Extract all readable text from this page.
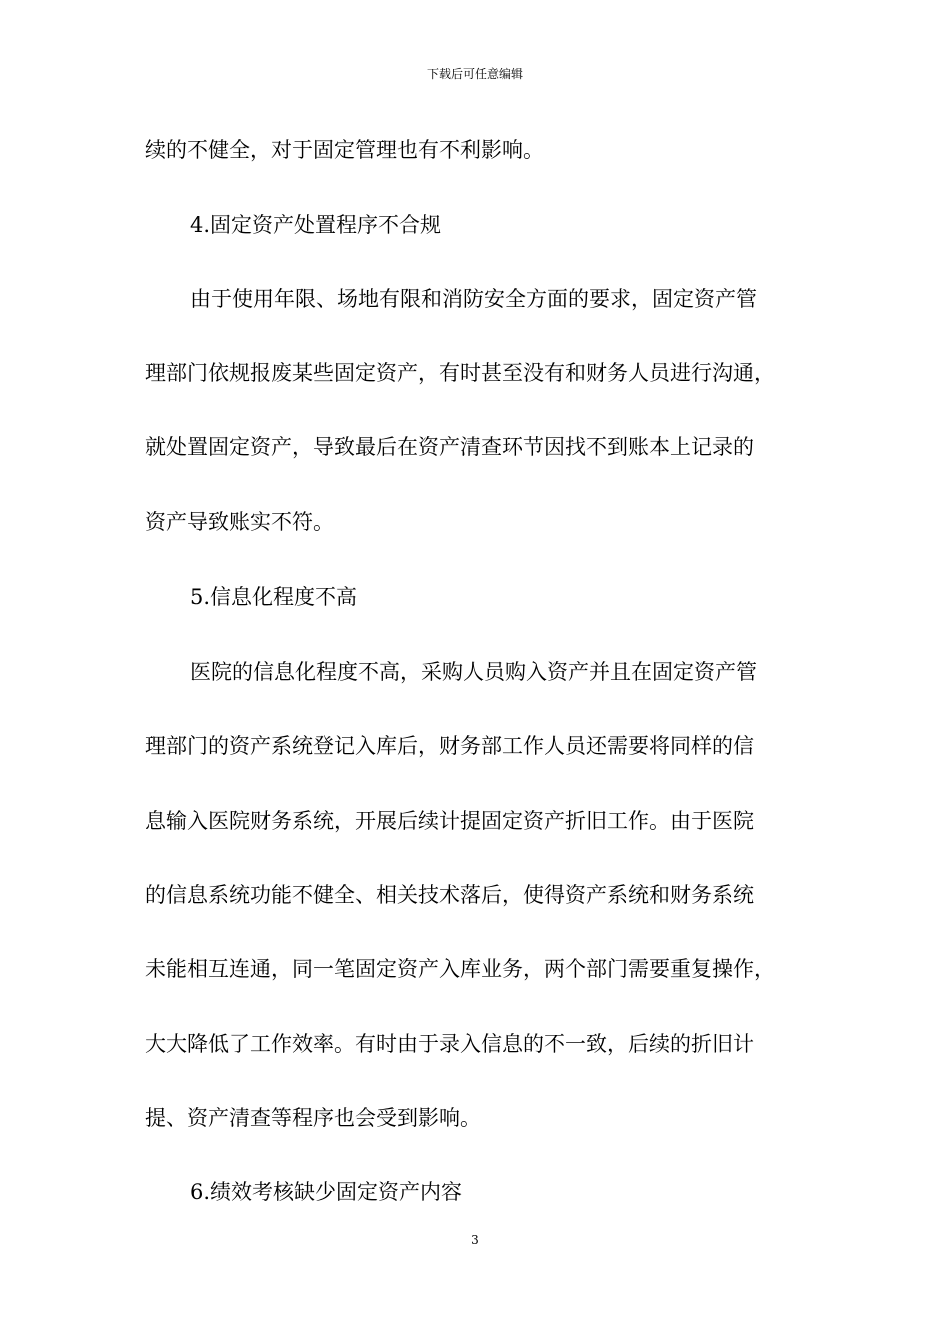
下载后可任意编辑
续的不健全，对于固定管理也有不利影响。
4.固定资产处置程序不合规
由于使用年限、场地有限和消防安全方面的要求，固定资产管
理部门依规报废某些固定资产，有时甚至没有和财务人员进行沟通，
就处置固定资产，导致最后在资产清查环节因找不到账本上记录的
资产导致账实不符。
5.信息化程度不高
医院的信息化程度不高，采购人员购入资产并且在固定资产管
理部门的资产系统登记入库后，财务部工作人员还需要将同样的信
息输入医院财务系统，开展后续计提固定资产折旧工作。由于医院
的信息系统功能不健全、相关技术落后，使得资产系统和财务系统
未能相互连通，同一笔固定资产入库业务，两个部门需要重复操作，
大大降低了工作效率。有时由于录入信息的不一致，后续的折旧计
提、资产清查等程序也会受到影响。
6.绩效考核缺少固定资产内容
3
